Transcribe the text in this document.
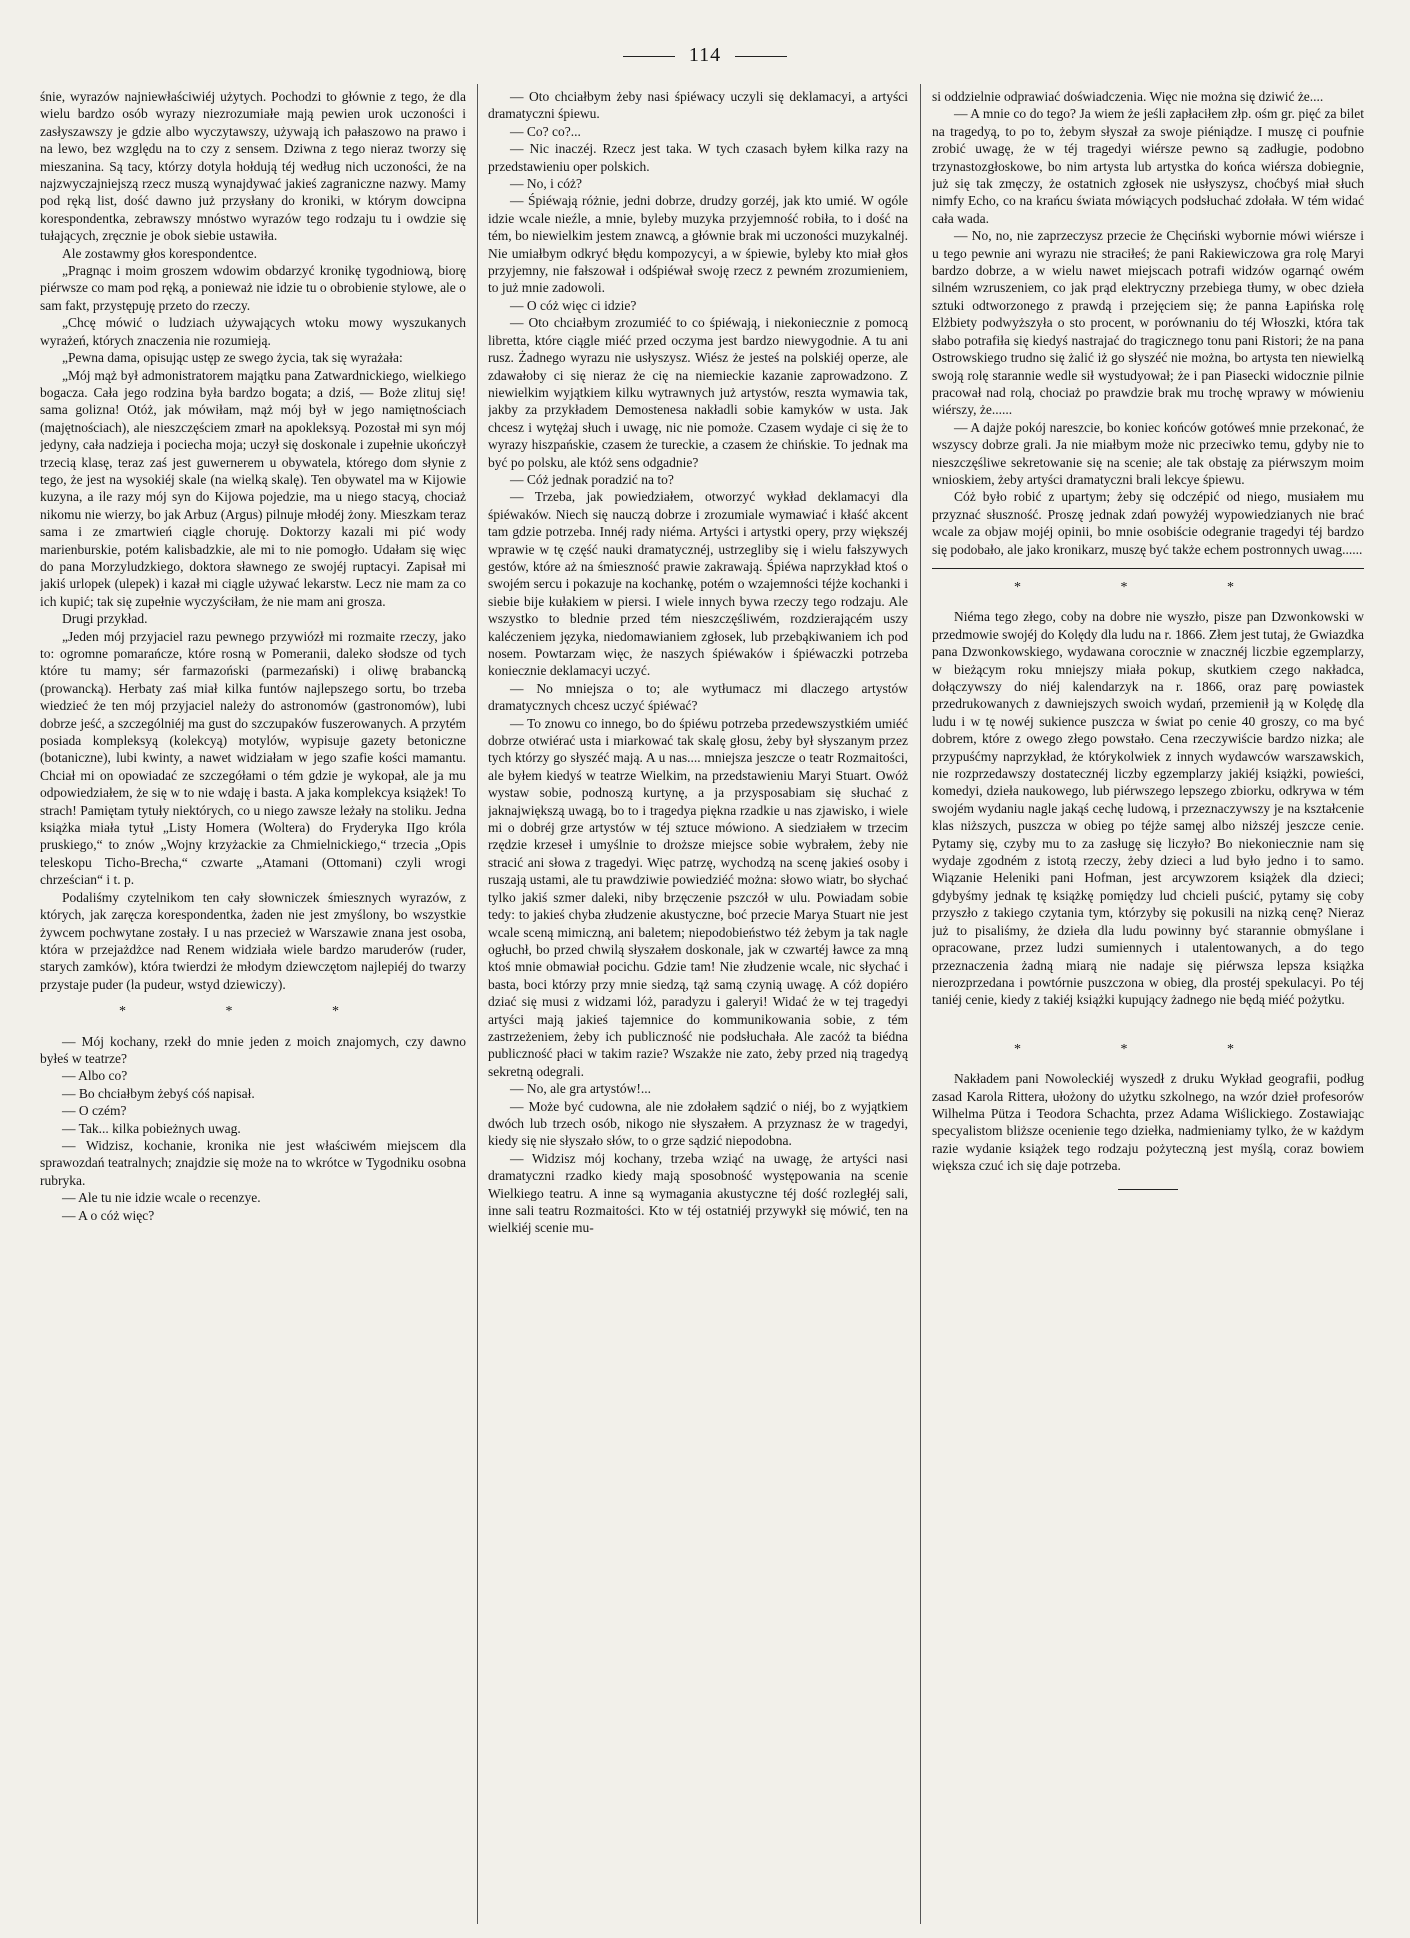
114

śnie, wyrazów najniewłaściwiéj użytych. Pochodzi to głównie z tego, że dla wielu bardzo osób wyrazy niezrozumiałe mają pewien urok uczoności i zasłyszawszy je gdzie albo wyczytawszy, używają ich pałaszowo na prawo i na lewo, bez względu na to czy z sensem. Dziwna z tego nieraz tworzy się mieszanina. Są tacy, którzy dotyla hołdują téj według nich uczoności, że na najzwyczajniejszą rzecz muszą wynajdywać jakieś zagraniczne nazwy. Mamy pod ręką list, dość dawno już przysłany do kroniki, w którym dowcipna korespondentka, zebrawszy mnóstwo wyrazów tego rodzaju tu i owdzie się tułających, zręcznie je obok siebie ustawiła.

Ale zostawmy głos korespondentce.

„Pragnąc i moim groszem wdowim obdarzyć kronikę tygodniową, biorę piérwsze co mam pod ręką, a ponieważ nie idzie tu o obrobienie stylowe, ale o sam fakt, przystępuję przeto do rzeczy.

„Chcę mówić o ludziach używających wtoku mowy wyszukanych wyrażeń, których znaczenia nie rozumieją.

„Pewna dama, opisując ustęp ze swego życia, tak się wyrażała:

„Mój mąż był admonistratorem majątku pana Zatwardnickiego, wielkiego bogacza. Cała jego rodzina była bardzo bogata; a dziś, — Boże zlituj się! sama golizna! Otóż, jak mówiłam, mąż mój był w jego namiętnościach (majętnościach), ale nieszczęściem zmarł na apokleksyą. Pozostał mi syn mój jedyny, cała nadzieja i pociecha moja; uczył się doskonale i zupełnie ukończył trzecią klasę, teraz zaś jest guwernerem u obywatela, którego dom słynie z tego, że jest na wysokiéj skale (na wielką skalę). Ten obywatel ma w Kijowie kuzyna, a ile razy mój syn do Kijowa pojedzie, ma u niego stacyą, chociaż nikomu nie wierzy, bo jak Arbuz (Argus) pilnuje młodéj żony. Mieszkam teraz sama i ze zmartwień ciągle choruję. Doktorzy kazali mi pić wody marienburskie, potém kalisbadzkie, ale mi to nie pomogło. Udałam się więc do pana Morzyludzkiego, doktora sławnego ze swojéj ruptacyi. Zapisał mi jakiś urlopek (ulepek) i kazał mi ciągle używać lekarstw. Lecz nie mam za co ich kupić; tak się zupełnie wyczyściłam, że nie mam ani grosza.

Drugi przykład.

„Jeden mój przyjaciel razu pewnego przywiózł mi rozmaite rzeczy, jako to: ogromne pomarańcze, które rosną w Pomeranii, daleko słodsze od tych które tu mamy; sér farmazoński (parmezański) i oliwę brabancką (prowancką). Herbaty zaś miał kilka funtów najlepszego sortu, bo trzeba wiedzieć że ten mój przyjaciel należy do astronomów (gastronomów), lubi dobrze jeść, a szczególniéj ma gust do szczupaków fuszerowanych. A przytém posiada kompleksyą (kolekcyą) motylów, wypisuje gazety betoniczne (botaniczne), lubi kwinty, a nawet widziałam w jego szafie kości mamantu. Chciał mi on opowiadać ze szczegółami o tém gdzie je wykopał, ale ja mu odpowiedziałem, że się w to nie wdaję i basta. A jaka komplekcya książek! To strach! Pamiętam tytuły niektórych, co u niego zawsze leżały na stoliku. Jedna książka miała tytuł „Listy Homera (Woltera) do Fryderyka IIgo króla pruskiego,“ to znów „Wojny krzyżackie za Chmielnickiego,“ trzecia „Opis teleskopu Ticho-Brecha,“ czwarte „Atamani (Ottomani) czyli wrogi chrześcian“ i t. p.

Podaliśmy czytelnikom ten cały słowniczek śmiesznych wyrazów, z których, jak zaręcza korespondentka, żaden nie jest zmyślony, bo wszystkie żywcem pochwytane zostały. I u nas przecież w Warszawie znana jest osoba, która w przejażdżce nad Renem widziała wiele bardzo maruderów (ruder, starych zamków), która twierdzi że młodym dziewczętom najlepiéj do twarzy przystaje puder (la pudeur, wstyd dziewiczy).

* * *

— Mój kochany, rzekł do mnie jeden z moich znajomych, czy dawno byłeś w teatrze?

— Albo co?

— Bo chciałbym żebyś cóś napisał.

— O czém?

— Tak... kilka pobieżnych uwag.

— Widzisz, kochanie, kronika nie jest właściwém miejscem dla sprawozdań teatralnych; znajdzie się może na to wkrótce w Tygodniku osobna rubryka.

— Ale tu nie idzie wcale o recenzye.

— A o cóż więc?

— Oto chciałbym żeby nasi śpiéwacy uczyli się deklamacyi, a artyści dramatyczni śpiewu.

— Co? co?...

— Nic inaczéj. Rzecz jest taka. W tych czasach byłem kilka razy na przedstawieniu oper polskich.

— No, i cóż?

— Śpiéwają różnie, jedni dobrze, drudzy gorzéj, jak kto umié. W ogóle idzie wcale nieźle, a mnie, byleby muzyka przyjemność robiła, to i dość na tém, bo niewielkim jestem znawcą, a głównie brak mi uczoności muzykalnéj. Nie umiałbym odkryć błędu kompozycyi, a w śpiewie, byleby kto miał głos przyjemny, nie fałszował i odśpiéwał swoję rzecz z pewném zrozumieniem, to już mnie zadowoli.

— O cóż więc ci idzie?

— Oto chciałbym zrozumiéć to co śpiéwają, i niekoniecznie z pomocą libretta, które ciągle miéć przed oczyma jest bardzo niewygodnie. A tu ani rusz. Żadnego wyrazu nie usłyszysz. Wiész że jesteś na polskiéj operze, ale zdawałoby ci się nieraz że cię na niemieckie kazanie zaprowadzono. Z niewielkim wyjątkiem kilku wytrawnych już artystów, reszta wymawia tak, jakby za przykładem Demostenesa nakładli sobie kamyków w usta. Jak chcesz i wytężaj słuch i uwagę, nic nie pomoże. Czasem wydaje ci się że to wyrazy hiszpańskie, czasem że tureckie, a czasem że chińskie. To jednak ma być po polsku, ale któż sens odgadnie?

— Cóż jednak poradzić na to?

— Trzeba, jak powiedziałem, otworzyć wykład deklamacyi dla śpiéwaków. Niech się nauczą dobrze i zrozumiale wymawiać i kłaść akcent tam gdzie potrzeba. Innéj rady niéma. Artyści i artystki opery, przy większéj wprawie w tę część nauki dramatycznéj, ustrzegliby się i wielu fałszywych gestów, które aż na śmieszność prawie zakrawają. Śpiéwa naprzykład ktoś o swojém sercu i pokazuje na kochankę, potém o wzajemności téjże kochanki i siebie bije kułakiem w piersi. I wiele innych bywa rzeczy tego rodzaju. Ale wszystko to blednie przed tém nieszczęśliwém, rozdzierającém uszy kaléczeniem języka, niedomawianiem zgłosek, lub przebąkiwaniem ich pod nosem. Powtarzam więc, że naszych śpiéwaków i śpiéwaczki potrzeba koniecznie deklamacyi uczyć.

— No mniejsza o to; ale wytłumacz mi dlaczego artystów dramatycznych chcesz uczyć śpiéwać?

— To znowu co innego, bo do śpiéwu potrzeba przedewszystkiém umiéć dobrze otwiérać usta i miarkować tak skalę głosu, żeby był słyszanym przez tych którzy go słyszéć mają. A u nas.... mniejsza jeszcze o teatr Rozmaitości, ale byłem kiedyś w teatrze Wielkim, na przedstawieniu Maryi Stuart. Owóż wystaw sobie, podnoszą kurtynę, a ja przysposabiam się słuchać z jaknajwiększą uwagą, bo to i tragedya piękna rzadkie u nas zjawisko, i wiele mi o dobréj grze artystów w téj sztuce mówiono. A siedziałem w trzecim rzędzie krzeseł i umyślnie to droższe miejsce sobie wybrałem, żeby nie stracić ani słowa z tragedyi. Więc patrzę, wychodzą na scenę jakieś osoby i ruszają ustami, ale tu prawdziwie powiedziéć można: słowo wiatr, bo słychać tylko jakiś szmer daleki, niby brzęczenie pszczół w ulu. Powiadam sobie tedy: to jakieś chyba złudzenie akustyczne, boć przecie Marya Stuart nie jest wcale sceną mimiczną, ani baletem; niepodobieństwo téż żebym ja tak nagle ogłuchł, bo przed chwilą słyszałem doskonale, jak w czwartéj ławce za mną ktoś mnie obmawiał pocichu. Gdzie tam! Nie złudzenie wcale, nic słychać i basta, boci którzy przy mnie siedzą, tąż samą czynią uwagę. A cóż dopiéro dziać się musi z widzami lóż, paradyzu i galeryi! Widać że w tej tragedyi artyści mają jakieś tajemnice do kommunikowania sobie, z tém zastrzeżeniem, żeby ich publiczność nie podsłuchała. Ale zacóż ta biédna publiczność płaci w takim razie? Wszakże nie zato, żeby przed nią tragedyą sekretną odegrali.

— No, ale gra artystów!...

— Może być cudowna, ale nie zdołałem sądzić o niéj, bo z wyjątkiem dwóch lub trzech osób, nikogo nie słyszałem. A przyznasz że w tragedyi, kiedy się nie słyszało słów, to o grze sądzić niepodobna.

— Widzisz mój kochany, trzeba wziąć na uwagę, że artyści nasi dramatyczni rzadko kiedy mają sposobność występowania na scenie Wielkiego teatru. A inne są wymagania akustyczne téj dość rozległéj sali, inne sali teatru Rozmaitości. Kto w téj ostatniéj przywykł się mówić, ten na wielkiéj scenie mu-

si oddzielnie odprawiać doświadczenia. Więc nie można się dziwić że....

— A mnie co do tego? Ja wiem że jeśli zapłaciłem złp. ośm gr. pięć za bilet na tragedyą, to po to, żebym słyszał za swoje piéniądze. I muszę ci poufnie zrobić uwagę, że w téj tragedyi wiérsze pewno są zadługie, podobno trzynastozgłoskowe, bo nim artysta lub artystka do końca wiérsza dobiegnie, już się tak zmęczy, że ostatnich zgłosek nie usłyszysz, choćbyś miał słuch nimfy Echo, co na krańcu świata mówiących podsłuchać zdołała. W tém widać cała wada.

— No, no, nie zaprzeczysz przecie że Chęciński wybornie mówi wiérsze i u tego pewnie ani wyrazu nie straciłeś; że pani Rakiewiczowa gra rolę Maryi bardzo dobrze, a w wielu nawet miejscach potrafi widzów ogarnąć owém silném wzruszeniem, co jak prąd elektryczny przebiega tłumy, w obec dzieła sztuki odtworzonego z prawdą i przejęciem się; że panna Łapińska rolę Elżbiety podwyższyła o sto procent, w porównaniu do téj Włoszki, która tak słabo potrafiła się kiedyś nastrajać do tragicznego tonu pani Ristori; że na pana Ostrowskiego trudno się żalić iż go słyszéć nie można, bo artysta ten niewielką swoją rolę starannie wedle sił wystudyował; że i pan Piasecki widocznie pilnie pracował nad rolą, chociaż po prawdzie brak mu trochę wprawy w mówieniu wiérszy, że......

— A dajże pokój nareszcie, bo koniec końców gotóweś mnie przekonać, że wszyscy dobrze grali. Ja nie miałbym może nic przeciwko temu, gdyby nie to nieszczęśliwe sekretowanie się na scenie; ale tak obstaję za piérwszym moim wnioskiem, żeby artyści dramatyczni brali lekcye śpiewu.

Cóż było robić z upartym; żeby się odczépić od niego, musiałem mu przyznać słuszność. Proszę jednak zdań powyżéj wypowiedzianych nie brać wcale za objaw mojéj opinii, bo mnie osobiście odegranie tragedyi téj bardzo się podobało, ale jako kronikarz, muszę być także echem postronnych uwag......

* * *

Niéma tego złego, coby na dobre nie wyszło, pisze pan Dzwonkowski w przedmowie swojéj do Kolędy dla ludu na r. 1866. Złem jest tutaj, że Gwiazdka pana Dzwonkowskiego, wydawana corocznie w znacznéj liczbie egzemplarzy, w bieżącym roku mniejszy miała pokup, skutkiem czego nakładca, dołączywszy do niéj kalendarzyk na r. 1866, oraz parę powiastek przedrukowanych z dawniejszych swoich wydań, przemienił ją w Kolędę dla ludu i w tę nowéj sukience puszcza w świat po cenie 40 groszy, co ma być dobrem, które z owego złego powstało. Cena rzeczywiście bardzo nizka; ale przypuśćmy naprzykład, że którykolwiek z innych wydawców warszawskich, nie rozprzedawszy dostatecznéj liczby egzemplarzy jakiéj książki, powieści, komedyi, dzieła naukowego, lub piérwszego lepszego zbiorku, odkrywa w tém swojém wydaniu nagle jakąś cechę ludową, i przeznaczywszy je na kształcenie klas niższych, puszcza w obieg po téjże samęj albo niższéj jeszcze cenie. Pytamy się, czyby mu to za zasługę się liczyło? Bo niekoniecznie nam się wydaje zgodném z istotą rzeczy, żeby dzieci a lud było jedno i to samo. Wiązanie Heleniki pani Hofman, jest arcywzorem książek dla dzieci; gdybyśmy jednak tę książkę pomiędzy lud chcieli puścić, pytamy się coby przyszło z takiego czytania tym, którzyby się pokusili na nizką cenę? Nieraz już to pisaliśmy, że dzieła dla ludu powinny być starannie obmyślane i opracowane, przez ludzi sumiennych i utalentowanych, a do tego przeznaczenia żadną miarą nie nadaje się piérwsza lepsza książka nierozprzedana i powtórnie puszczona w obieg, dla prostéj spekulacyi. Po téj taniéj cenie, kiedy z takiéj książki kupujący żadnego nie będą miéć pożytku.

* * *

Nakładem pani Nowoleckiéj wyszedł z druku Wykład geografii, podług zasad Karola Rittera, ułożony do użytku szkolnego, na wzór dzieł profesorów Wilhelma Pütza i Teodora Schachta, przez Adama Wiślickiego. Zostawiając specyalistom bliższe ocenienie tego dziełka, nadmieniamy tylko, że w każdym razie wydanie książek tego rodzaju pożyteczną jest myślą, coraz bowiem większa czuć ich się daje potrzeba.
